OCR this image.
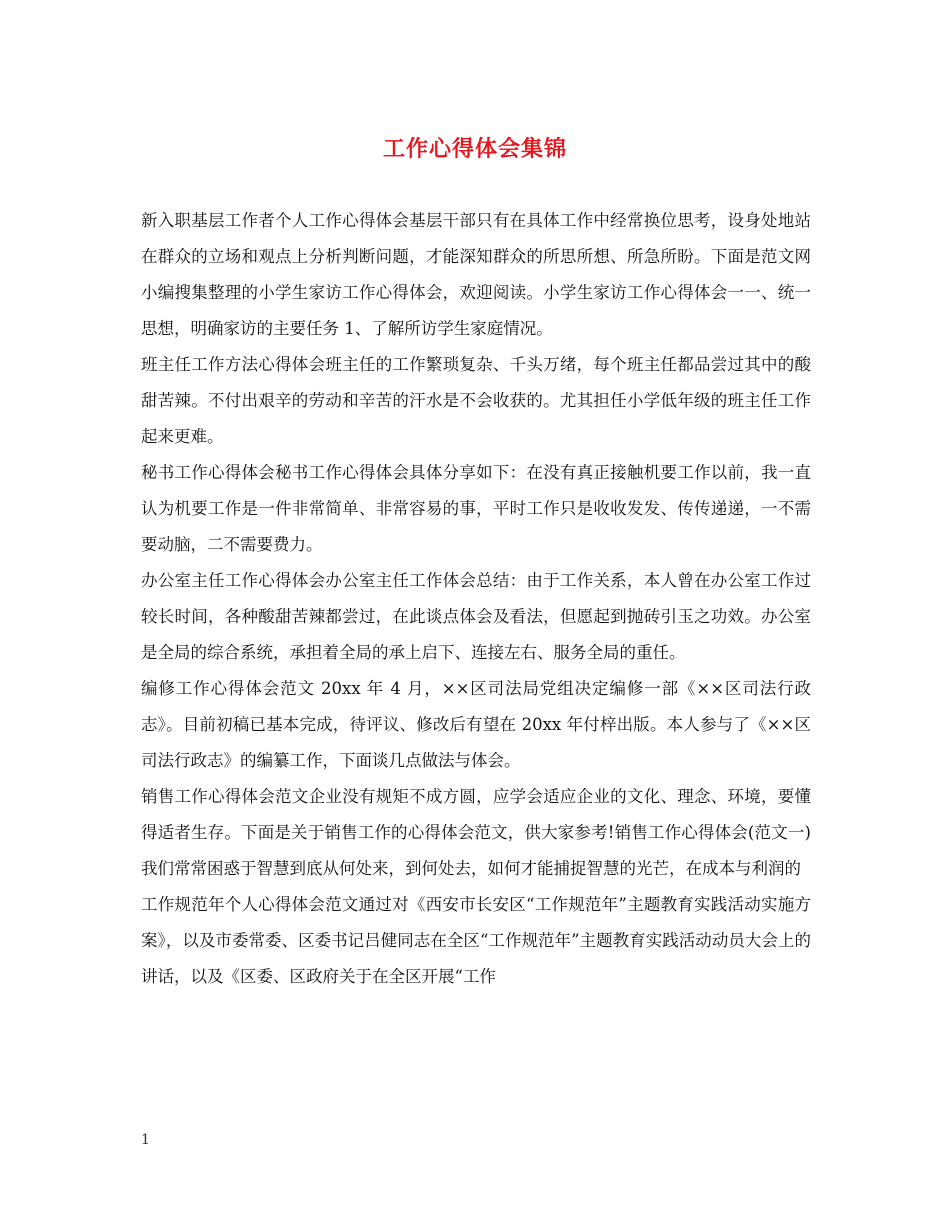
工作心得体会集锦

新入职基层工作者个人工作心得体会基层干部只有在具体工作中经常换位思考，设身处地站在群众的立场和观点上分析判断问题，才能深知群众的所思所想、所急所盼。下面是范文网小编搜集整理的小学生家访工作心得体会，欢迎阅读。小学生家访工作心得体会一一、统一思想，明确家访的主要任务 1、了解所访学生家庭情况。

班主任工作方法心得体会班主任的工作繁琐复杂、千头万绪，每个班主任都品尝过其中的酸甜苦辣。不付出艰辛的劳动和辛苦的汗水是不会收获的。尤其担任小学低年级的班主任工作起来更难。

秘书工作心得体会秘书工作心得体会具体分享如下：在没有真正接触机要工作以前，我一直认为机要工作是一件非常简单、非常容易的事，平时工作只是收收发发、传传递递，一不需要动脑，二不需要费力。

办公室主任工作心得体会办公室主任工作体会总结：由于工作关系，本人曾在办公室工作过较长时间，各种酸甜苦辣都尝过，在此谈点体会及看法，但愿起到抛砖引玉之功效。办公室是全局的综合系统，承担着全局的承上启下、连接左右、服务全局的重任。

编修工作心得体会范文 20xx 年 4 月，××区司法局党组决定编修一部《××区司法行政志》。目前初稿已基本完成，待评议、修改后有望在 20xx 年付梓出版。本人参与了《××区司法行政志》的编纂工作，下面谈几点做法与体会。

销售工作心得体会范文企业没有规矩不成方圆，应学会适应企业的文化、理念、环境，要懂得适者生存。下面是关于销售工作的心得体会范文，供大家参考!销售工作心得体会(范文一)我们常常困惑于智慧到底从何处来，到何处去，如何才能捕捉智慧的光芒，在成本与利润的

工作规范年个人心得体会范文通过对《西安市长安区“工作规范年”主题教育实践活动实施方案》，以及市委常委、区委书记吕健同志在全区“工作规范年”主题教育实践活动动员大会上的讲话，以及《区委、区政府关于在全区开展“工作

1
